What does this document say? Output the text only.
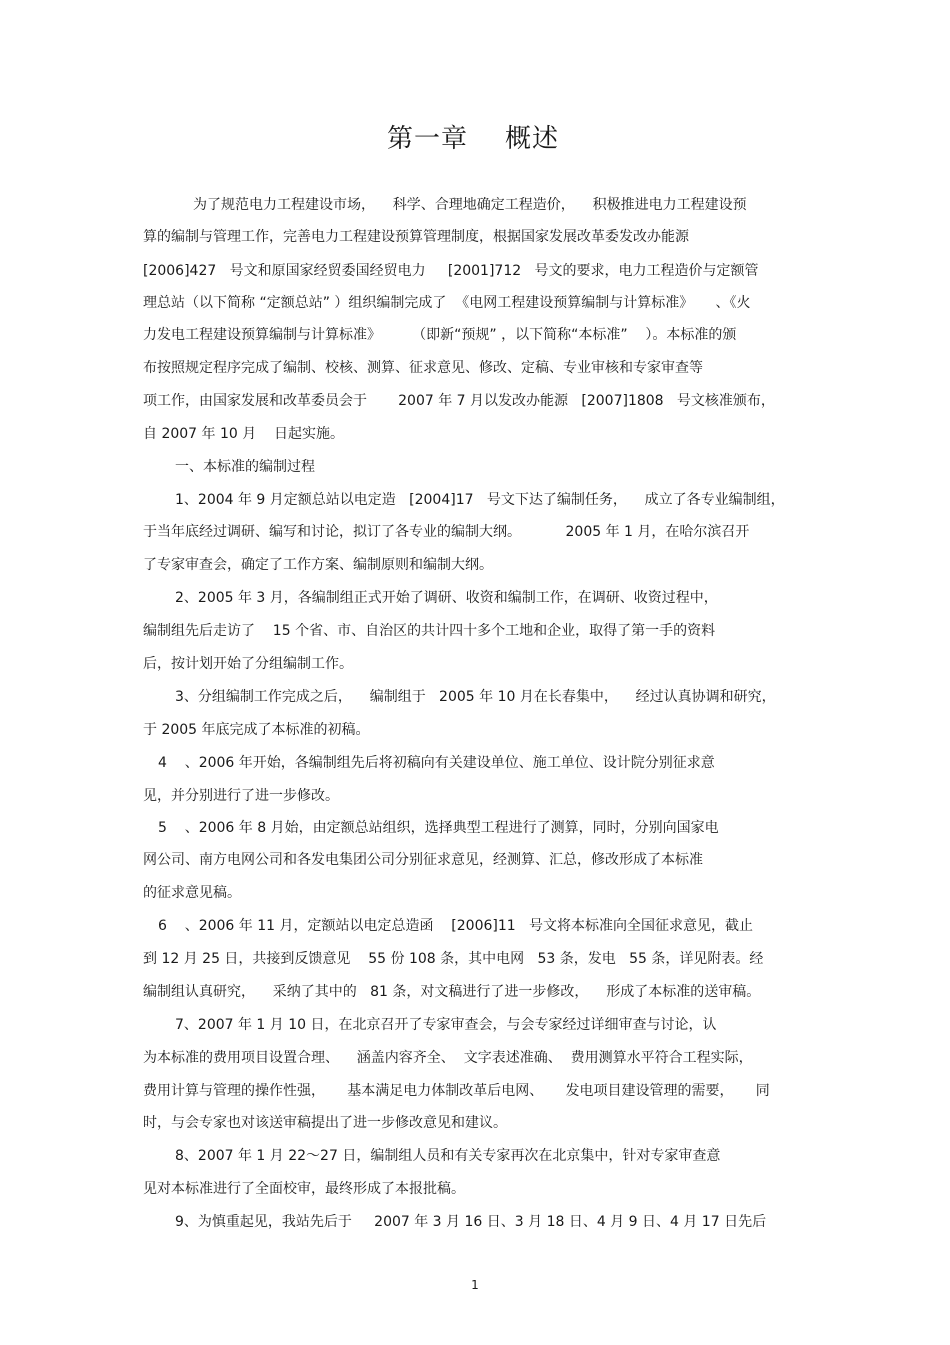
第一章    概述
为了规范电力工程建设市场，    科学、合理地确定工程造价，    积极推进电力工程建设预
算的编制与管理工作，完善电力工程建设预算管理制度，根据国家发展改革委发改办能源
[2006]427   号文和原国家经贸委国经贸电力     [2001]712   号文的要求，电力工程造价与定额管
理总站（以下简称 “定额总站” ）组织编制完成了  《电网工程建设预算编制与计算标准》     、《火
力发电工程建设预算编制与计算标准》       （即新“预规” ，以下简称“本标准”    ）。本标准的颁
布按照规定程序完成了编制、校核、测算、征求意见、修改、定稿、专业审核和专家审查等
项工作，由国家发展和改革委员会于       2007 年 7 月以发改办能源   [2007]1808   号文核准颁布，
自 2007 年 10 月    日起实施。
一、本标准的编制过程
1、2004 年 9 月定额总站以电定造   [2004]17   号文下达了编制任务，    成立了各专业编制组，
于当年底经过调研、编写和讨论，拟订了各专业的编制大纲。          2005 年 1 月，在哈尔滨召开
了专家审查会，确定了工作方案、编制原则和编制大纲。
2、2005 年 3 月，各编制组正式开始了调研、收资和编制工作，在调研、收资过程中，
编制组先后走访了    15 个省、市、自治区的共计四十多个工地和企业，取得了第一手的资料
后，按计划开始了分组编制工作。
3、分组编制工作完成之后，    编制组于   2005 年 10 月在长春集中，    经过认真协调和研究，
于 2005 年底完成了本标准的初稿。
4    、2006 年开始，各编制组先后将初稿向有关建设单位、施工单位、设计院分别征求意
见，并分别进行了进一步修改。
5    、2006 年 8 月始，由定额总站组织，选择典型工程进行了测算，同时，分别向国家电
网公司、南方电网公司和各发电集团公司分别征求意见，经测算、汇总，修改形成了本标准
的征求意见稿。
6    、2006 年 11 月，定额站以电定总造函    [2006]11   号文将本标准向全国征求意见，截止
到 12 月 25 日，共接到反馈意见    55 份 108 条，其中电网   53 条，发电   55 条，详见附表。经
编制组认真研究，    采纳了其中的   81 条，对文稿进行了进一步修改，    形成了本标准的送审稿。
7、2007 年 1 月 10 日，在北京召开了专家审查会，与会专家经过详细审查与讨论，认
为本标准的费用项目设置合理、    涵盖内容齐全、  文字表述准确、  费用测算水平符合工程实际，
费用计算与管理的操作性强，     基本满足电力体制改革后电网、     发电项目建设管理的需要，     同
时，与会专家也对该送审稿提出了进一步修改意见和建议。
8、2007 年 1 月 22～27 日，编制组人员和有关专家再次在北京集中，针对专家审查意
见对本标准进行了全面校审，最终形成了本报批稿。
9、为慎重起见，我站先后于     2007 年 3 月 16 日、3 月 18 日、4 月 9 日、4 月 17 日先后
1
